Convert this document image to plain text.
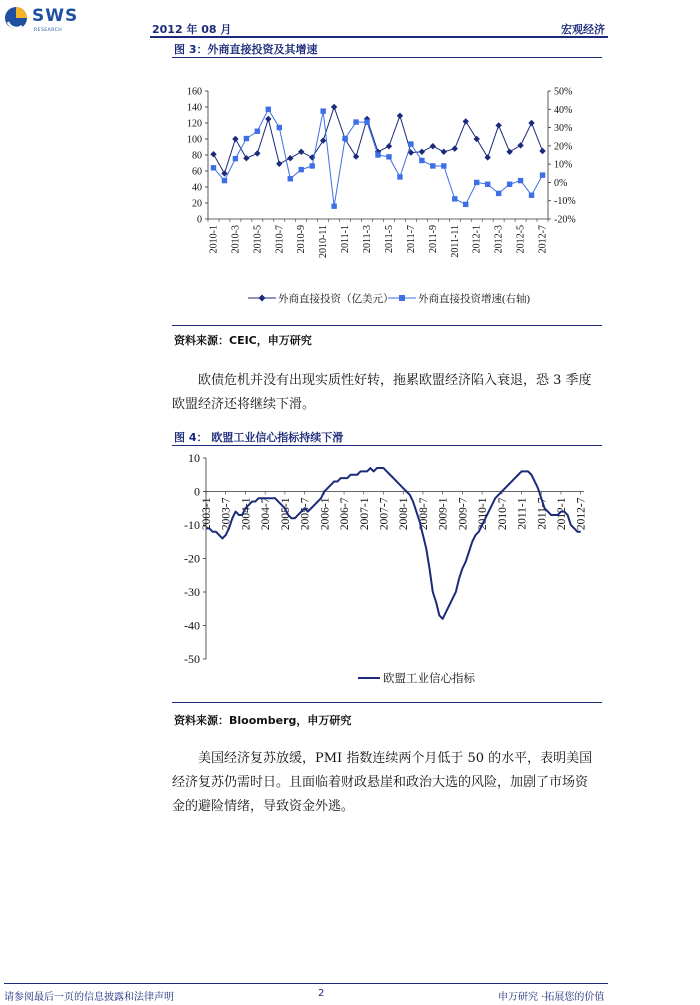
SWS
RESEARCH	2012 年 08 月	宏观经济
图 3：外商直接投资及其增速
0
20
40
60
80
100
120
140
160
-20%
-10%
0%
10%
20%
30%
40%
50%
2010-1 2010-3 2010-5 2010-7 2010-9 2010-11 2011-1 2011-3 2011-5 2011-7 2011-9 2011-11 2012-1 2012-3 2012-5 2012-7
外商直接投资（亿美元） 外商直接投资增速(右轴)
资料来源：CEIC，申万研究
欧债危机并没有出现实质性好转，拖累欧盟经济陷入衰退，恐 3 季度欧盟经济还将继续下滑。
图 4： 欧盟工业信心指标持续下滑
10
0
-10
-20
-30
-40
-50
2003-1 2003-7 2004-1 2004-7 2005-1 2005-7 2006-1 2006-7 2007-1 2007-7 2008-1 2008-7 2009-1 2009-7 2010-1 2010-7 2011-1 2011-7 2012-1 2012-7
欧盟工业信心指标
资料来源：Bloomberg，申万研究
美国经济复苏放缓，PMI 指数连续两个月低于 50 的水平，表明美国经济复苏仍需时日。且面临着财政悬崖和政治大选的风险，加剧了市场资金的避险情绪，导致资金外逃。
请参阅最后一页的信息披露和法律声明	2	申万研究 ·拓展您的价值
